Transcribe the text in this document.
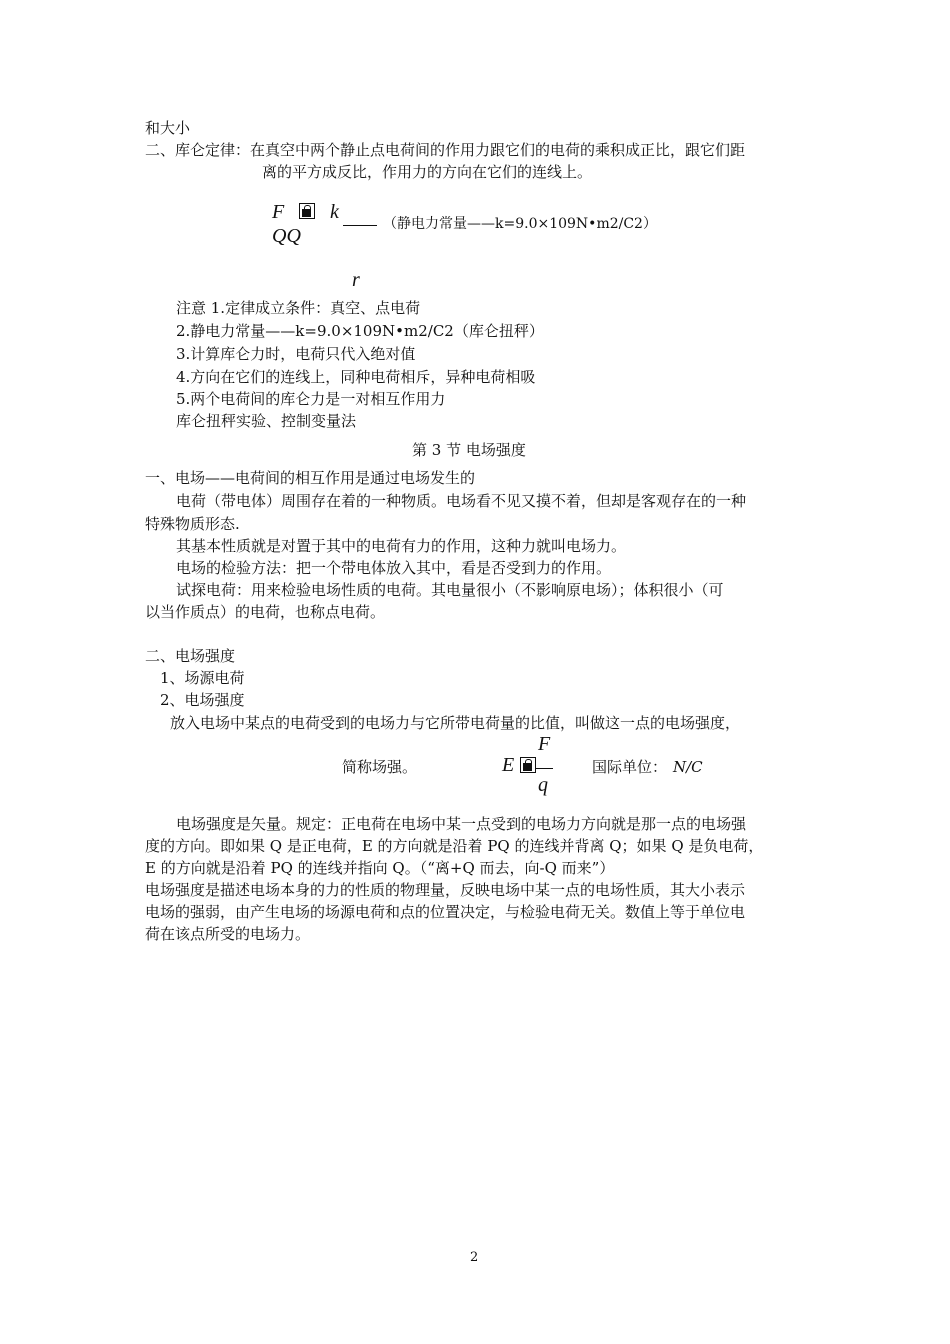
和大小
二、库仑定律：在真空中两个静止点电荷间的作用力跟它们的电荷的乘积成正比，跟它们距
离的平方成反比，作用力的方向在它们的连线上。
F k
（静电力常量——k=9.0×109N•m2/C2）
QQ
r
注意 1.定律成立条件：真空、点电荷
2.静电力常量——k=9.0×109N•m2/C2（库仑扭秤）
3.计算库仑力时，电荷只代入绝对值
4.方向在它们的连线上，同种电荷相斥，异种电荷相吸
5.两个电荷间的库仑力是一对相互作用力
库仑扭秤实验、控制变量法
第 3 节 电场强度
一、电场——电荷间的相互作用是通过电场发生的
电荷（带电体）周围存在着的一种物质。电场看不见又摸不着，但却是客观存在的一种
特殊物质形态.
其基本性质就是对置于其中的电荷有力的作用，这种力就叫电场力。
电场的检验方法：把一个带电体放入其中，看是否受到力的作用。
试探电荷：用来检验电场性质的电荷。其电量很小（不影响原电场）；体积很小（可
以当作质点）的电荷，也称点电荷。
二、电场强度
1、场源电荷
2、电场强度
放入电场中某点的电荷受到的电场力与它所带电荷量的比值，叫做这一点的电场强度，
简称场强。
F
E
q
国际单位： N/C
电场强度是矢量。规定：正电荷在电场中某一点受到的电场力方向就是那一点的电场强
度的方向。即如果 Q 是正电荷，E 的方向就是沿着 PQ 的连线并背离 Q；如果 Q 是负电荷，
E 的方向就是沿着 PQ 的连线并指向 Q。（“离+Q 而去，向-Q 而来”）
电场强度是描述电场本身的力的性质的物理量，反映电场中某一点的电场性质，其大小表示
电场的强弱，由产生电场的场源电荷和点的位置决定，与检验电荷无关。数值上等于单位电
荷在该点所受的电场力。
2
